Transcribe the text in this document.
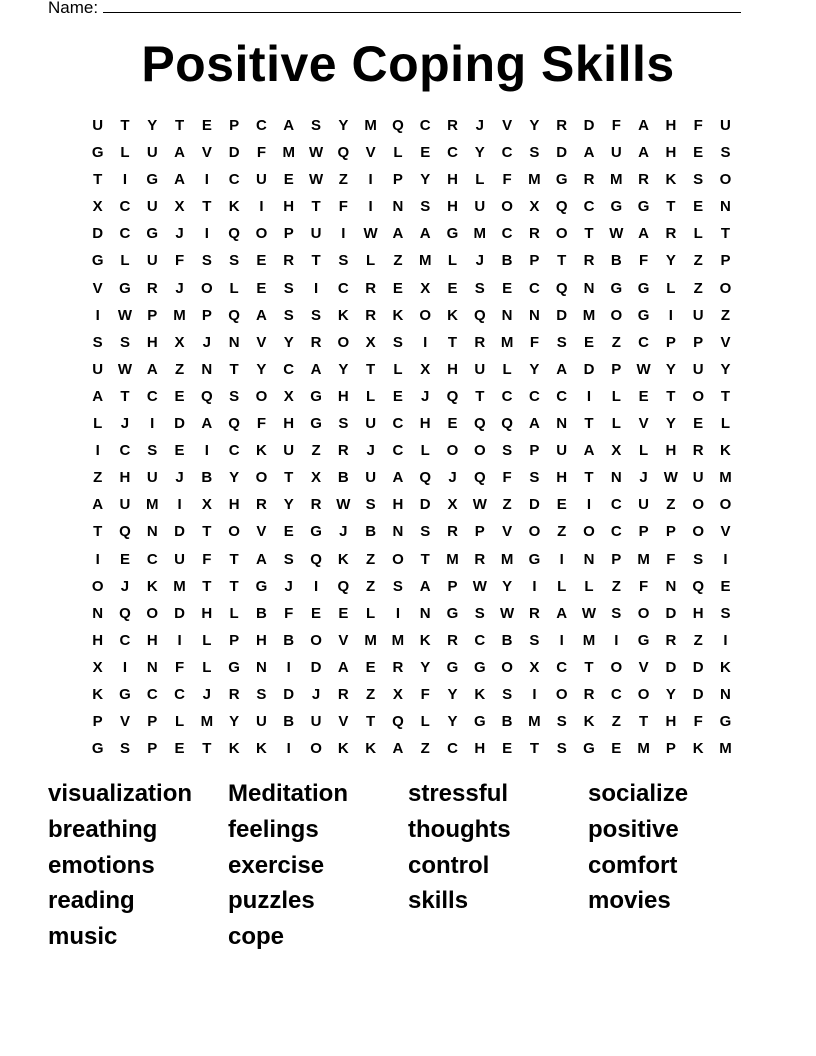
Name:
Positive Coping Skills
U	T	Y	T	E	P	C	A	S	Y	M	Q	C	R	J	V	Y	R	D	F	A	H	F	U
G	L	U	A	V	D	F	M W Q	V	L	E	C	Y	C	S	D	A	U	A	H	E	S
T	I	G	A	I	C	U	E	W	Z	I	P	Y	H	L	F	M	G	R	M	R	K	S	O
X	C	U	X	T	K	I	H	T	F	I	N	S	H	U	O	X	Q	C	G	G	T	E	N
D	C	G	J	I	Q	O	P	U	I	W A	A	G	M	C	R	O	T	W A	R	L	T
G	L	U	F	S	S	E	R	T	S	L	Z	M	L	J	B	P	T	R	B	F	Y	Z	P
V	G	R	J	O	L	E	S	I	C	R	E	X	E	S	E	C	Q	N	G	G	L	Z	O
I	W	P	M	P	Q	A	S	S	K	R	K	O	K	Q	N	N	D	M	O	G	I	U	Z
S	S	H	X	J	N	V	Y	R	O	X	S	I	T	R	M	F	S	E	Z	C	P	P	V
U W A	Z	N	T	Y	C	A	Y	T	L	X	H	U	L	Y	A	D	P	W	Y	U	Y
A	T	C	E	Q	S	O	X	G	H	L	E	J	Q	T	C	C	C	I	L	E	T	O	T
L	J	I	D	A	Q	F	H	G	S	U	C	H	E	Q	Q	A	N	T	L	V	Y	E	L
I	C	S	E	I	C	K	U	Z	R	J	C	L	O	O	S	P	U	A	X	L	H	R	K
Z	H	U	J	B	Y	O	T	X	B	U	A	Q	J	Q	F	S	H	T	N	J	W U	M
A	U	M	I	X	H	R	Y	R W	S	H	D	X	W	Z	D	E	I	C	U	Z	O	O
T	Q	N	D	T	O	V	E	G	J	B	N	S	R	P	V	O	Z	O	C	P	P	O	V
I	E	C	U	F	T	A	S	Q	K	Z	O	T	M	R	M	G	I	N	P	M	F	S	I
O	J	K	M	T	T	G	J	I	Q	Z	S	A	P	W	Y	I	L	L	Z	F	N	Q	E
N	Q	O	D	H	L	B	F	E	E	L	I	N	G	S	W R	A W	S	O	D	H	S
H	C	H	I	L	P	H	B	O	V	M M	K	R	C	B	S	I	M	I	G	R	Z	I
X	I	N	F	L	G	N	I	D	A	E	R	Y	G	G	O	X	C	T	O	V	D	D	K
K	G	C	C	J	R	S	D	J	R	Z	X	F	Y	K	S	I	O	R	C	O	Y	D	N
P	V	P	L	M	Y	U	B	U	V	T	Q	L	Y	G	B	M	S	K	Z	T	H	F	G
G	S	P	E	T	K	K	I	O	K	K	A	Z	C	H	E	T	S	G	E	M	P	K	M
visualization	Meditation	stressful	socialize
breathing	feelings	thoughts	positive
emotions	exercise	control	comfort
reading	puzzles	skills	movies
music	cope
